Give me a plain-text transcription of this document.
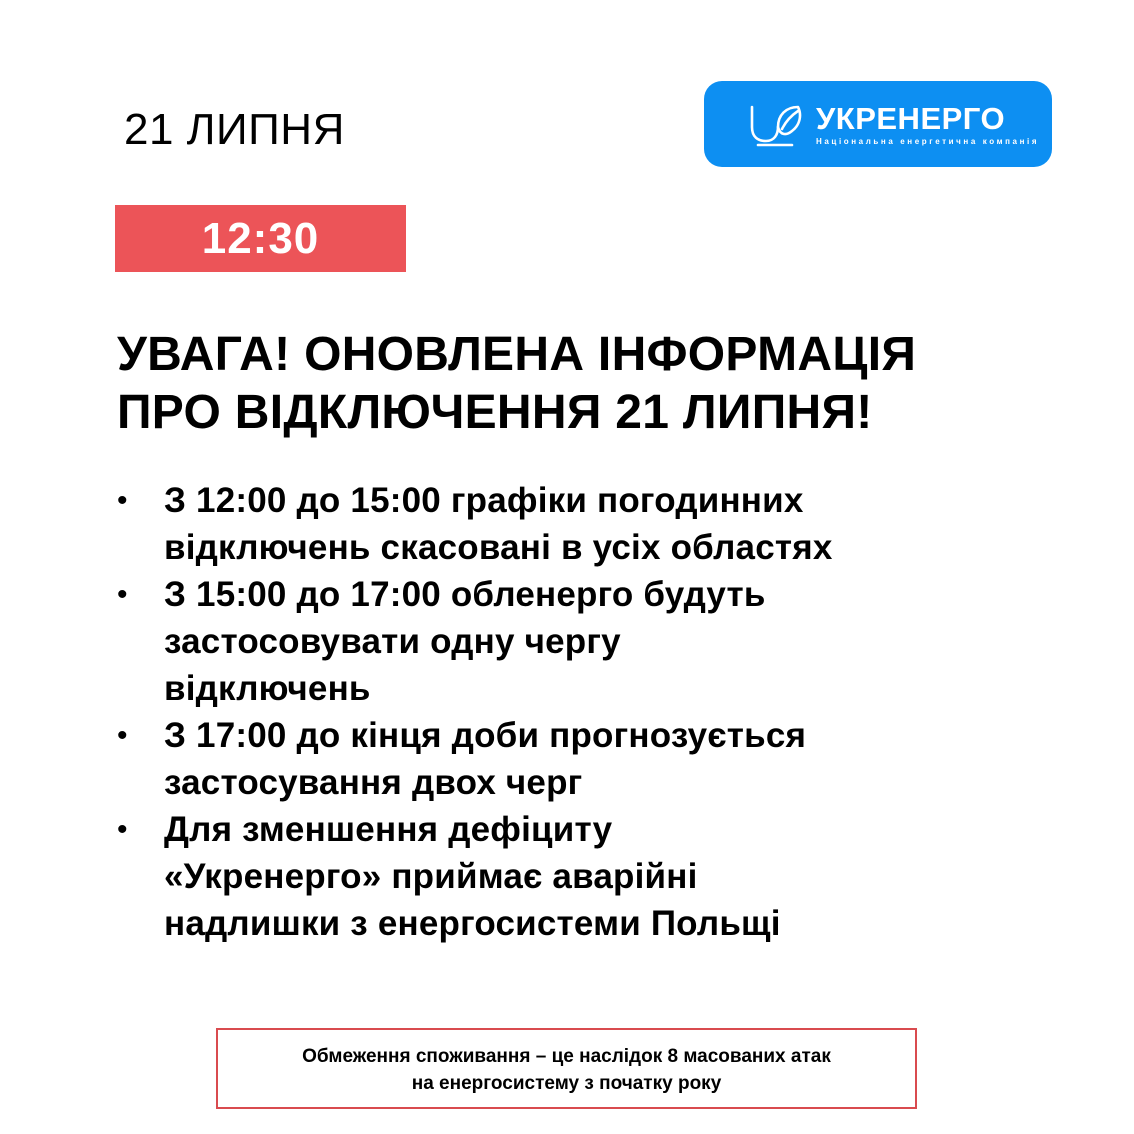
21 ЛИПНЯ	УКРЕНЕРГО
Національна енергетична компанія
12:30
УВАГА! ОНОВЛЕНА ІНФОРМАЦІЯ
ПРО ВІДКЛЮЧЕННЯ 21 ЛИПНЯ!
• З 12:00 до 15:00 графіки погодинних
відключень скасовані в усіх областях
• З 15:00 до 17:00 обленерго будуть
застосовувати одну чергу
відключень
• З 17:00 до кінця доби прогнозується
застосування двох черг
• Для зменшення дефіциту
«Укренерго» приймає аварійні
надлишки з енергосистеми Польщі
Обмеження споживання – це наслідок 8 масованих атак
на енергосистему з початку року
